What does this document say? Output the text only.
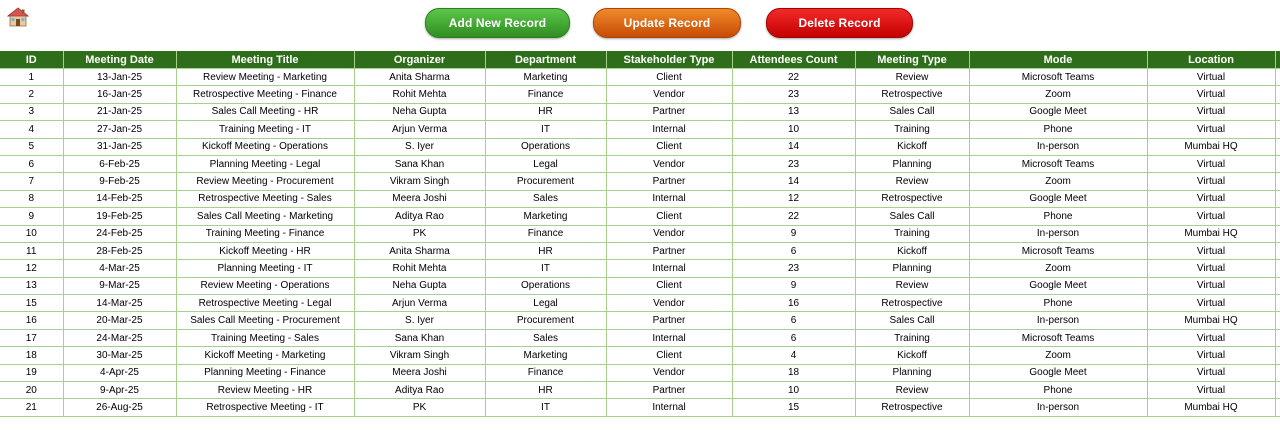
Add New Record	Update Record	Delete Record
ID	Meeting Date	Meeting Title	Organizer	Department	Stakeholder Type	Attendees Count	Meeting Type	Mode	Location	
1	13-Jan-25	Review Meeting - Marketing	Anita Sharma	Marketing	Client	22	Review	Microsoft Teams	Virtual	
2	16-Jan-25	Retrospective Meeting - Finance	Rohit Mehta	Finance	Vendor	23	Retrospective	Zoom	Virtual	
3	21-Jan-25	Sales Call Meeting - HR	Neha Gupta	HR	Partner	13	Sales Call	Google Meet	Virtual	
4	27-Jan-25	Training Meeting - IT	Arjun Verma	IT	Internal	10	Training	Phone	Virtual	
5	31-Jan-25	Kickoff Meeting - Operations	S. Iyer	Operations	Client	14	Kickoff	In-person	Mumbai HQ	
6	6-Feb-25	Planning Meeting - Legal	Sana Khan	Legal	Vendor	23	Planning	Microsoft Teams	Virtual	
7	9-Feb-25	Review Meeting - Procurement	Vikram Singh	Procurement	Partner	14	Review	Zoom	Virtual	
8	14-Feb-25	Retrospective Meeting - Sales	Meera Joshi	Sales	Internal	12	Retrospective	Google Meet	Virtual	
9	19-Feb-25	Sales Call Meeting - Marketing	Aditya Rao	Marketing	Client	22	Sales Call	Phone	Virtual	
10	24-Feb-25	Training Meeting - Finance	PK	Finance	Vendor	9	Training	In-person	Mumbai HQ	
11	28-Feb-25	Kickoff Meeting - HR	Anita Sharma	HR	Partner	6	Kickoff	Microsoft Teams	Virtual	
12	4-Mar-25	Planning Meeting - IT	Rohit Mehta	IT	Internal	23	Planning	Zoom	Virtual	
13	9-Mar-25	Review Meeting - Operations	Neha Gupta	Operations	Client	9	Review	Google Meet	Virtual	
15	14-Mar-25	Retrospective Meeting - Legal	Arjun Verma	Legal	Vendor	16	Retrospective	Phone	Virtual	
16	20-Mar-25	Sales Call Meeting - Procurement	S. Iyer	Procurement	Partner	6	Sales Call	In-person	Mumbai HQ	
17	24-Mar-25	Training Meeting - Sales	Sana Khan	Sales	Internal	6	Training	Microsoft Teams	Virtual	
18	30-Mar-25	Kickoff Meeting - Marketing	Vikram Singh	Marketing	Client	4	Kickoff	Zoom	Virtual	
19	4-Apr-25	Planning Meeting - Finance	Meera Joshi	Finance	Vendor	18	Planning	Google Meet	Virtual	
20	9-Apr-25	Review Meeting - HR	Aditya Rao	HR	Partner	10	Review	Phone	Virtual	
21	26-Aug-25	Retrospective Meeting - IT	PK	IT	Internal	15	Retrospective	In-person	Mumbai HQ	
